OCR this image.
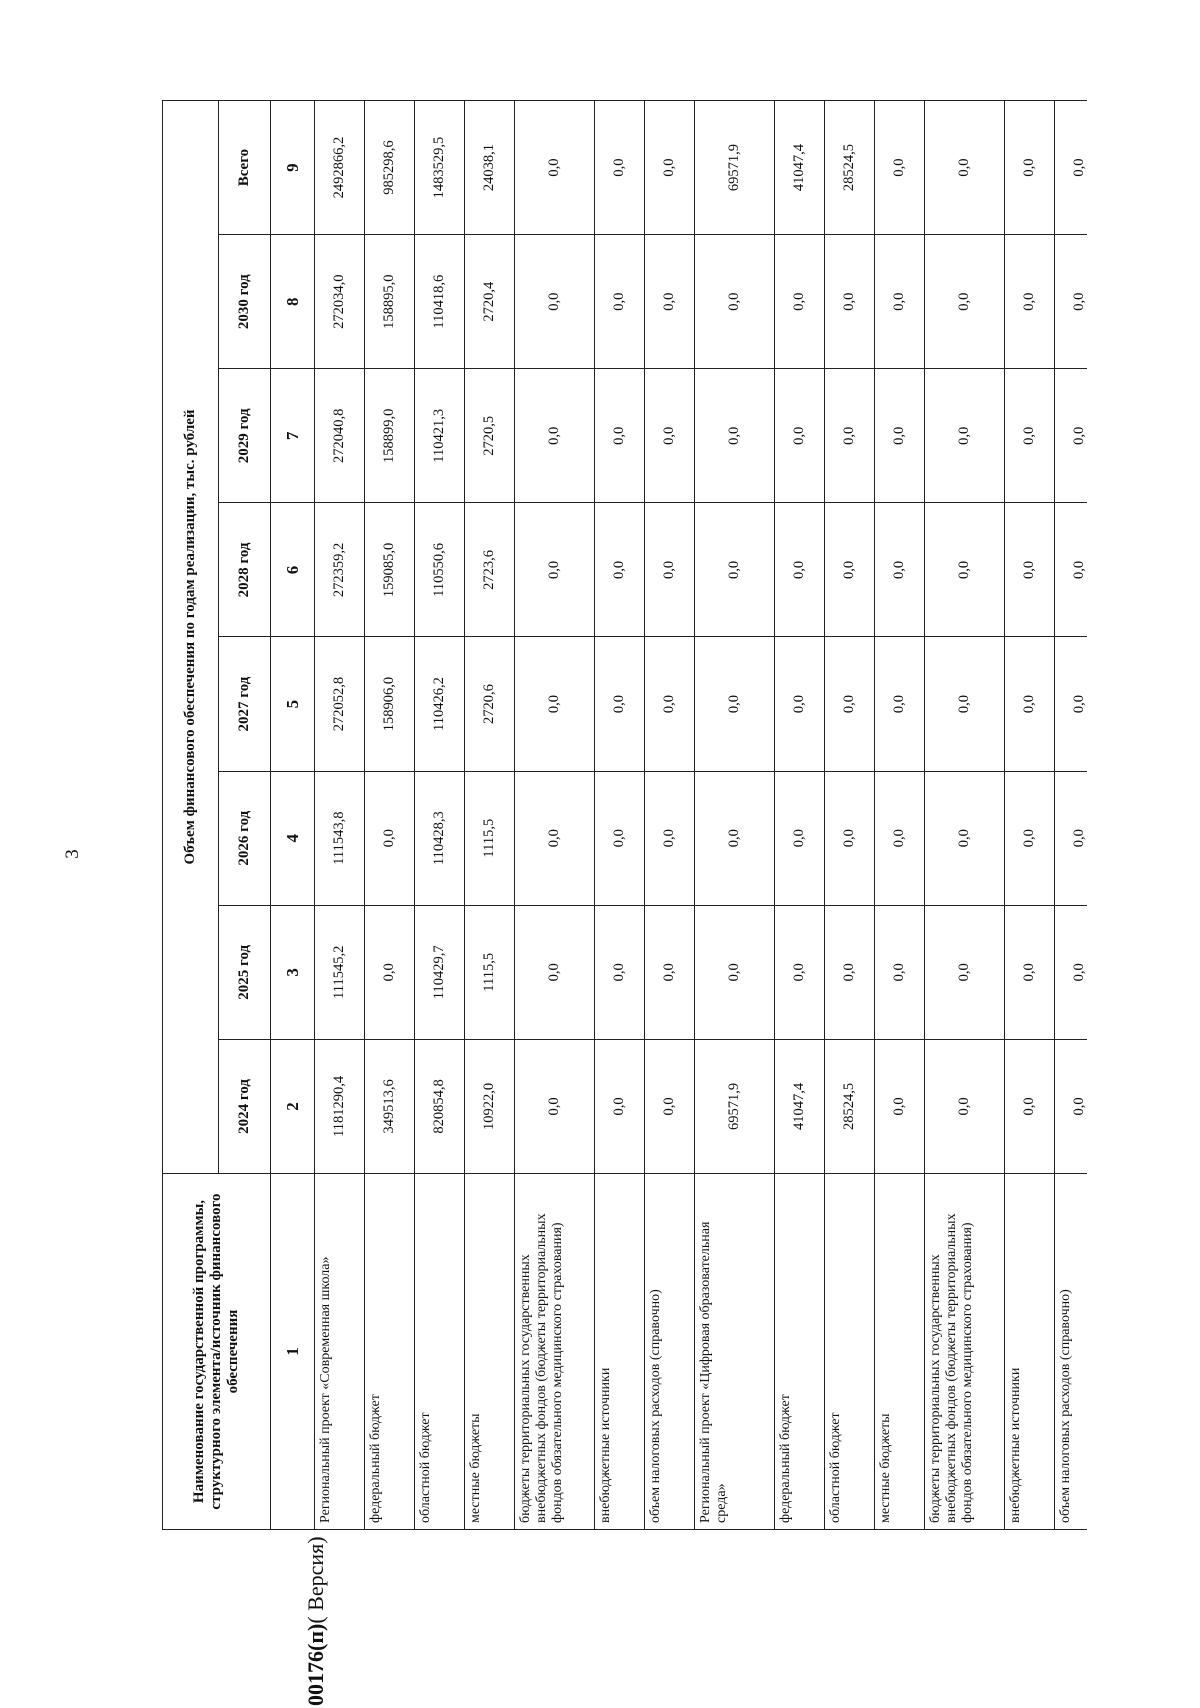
3
Наименование государственной программы, структурного элемента/источник финансового обеспечения	Объем финансового обеспечения по годам реализации, тыс. рублей							
	2024 год	2025 год	2026 год	2027 год	2028 год	2029 год	2030 год	Всего
1	2	3	4	5	6	7	8	9
Региональный проект «Современная школа»	1181290,4	111545,2	111543,8	272052,8	272359,2	272040,8	272034,0	2492866,2
федеральный бюджет	349513,6	0,0	0,0	158906,0	159085,0	158899,0	158895,0	985298,6
областной бюджет	820854,8	110429,7	110428,3	110426,2	110550,6	110421,3	110418,6	1483529,5
местные бюджеты	10922,0	1115,5	1115,5	2720,6	2723,6	2720,5	2720,4	24038,1
бюджеты территориальных государственных внебюджетных фондов (бюджеты территориальных фондов обязательного медицинского страхования)	0,0	0,0	0,0	0,0	0,0	0,0	0,0	0,0
внебюджетные источники	0,0	0,0	0,0	0,0	0,0	0,0	0,0	0,0
объем налоговых расходов (справочно)	0,0	0,0	0,0	0,0	0,0	0,0	0,0	0,0
Региональный проект «Цифровая образовательная среда»	69571,9	0,0	0,0	0,0	0,0	0,0	0,0	69571,9
федеральный бюджет	41047,4	0,0	0,0	0,0	0,0	0,0	0,0	41047,4
областной бюджет	28524,5	0,0	0,0	0,0	0,0	0,0	0,0	28524,5
местные бюджеты	0,0	0,0	0,0	0,0	0,0	0,0	0,0	0,0
бюджеты территориальных государственных внебюджетных фондов (бюджеты территориальных фондов обязательного медицинского страхования)	0,0	0,0	0,0	0,0	0,0	0,0	0,0	0,0
внебюджетные источники	0,0	0,0	0,0	0,0	0,0	0,0	0,0	0,0
объем налоговых расходов (справочно)	0,0	0,0	0,0	0,0	0,0	0,0	0,0	0,0
00176(п)( Версия)
